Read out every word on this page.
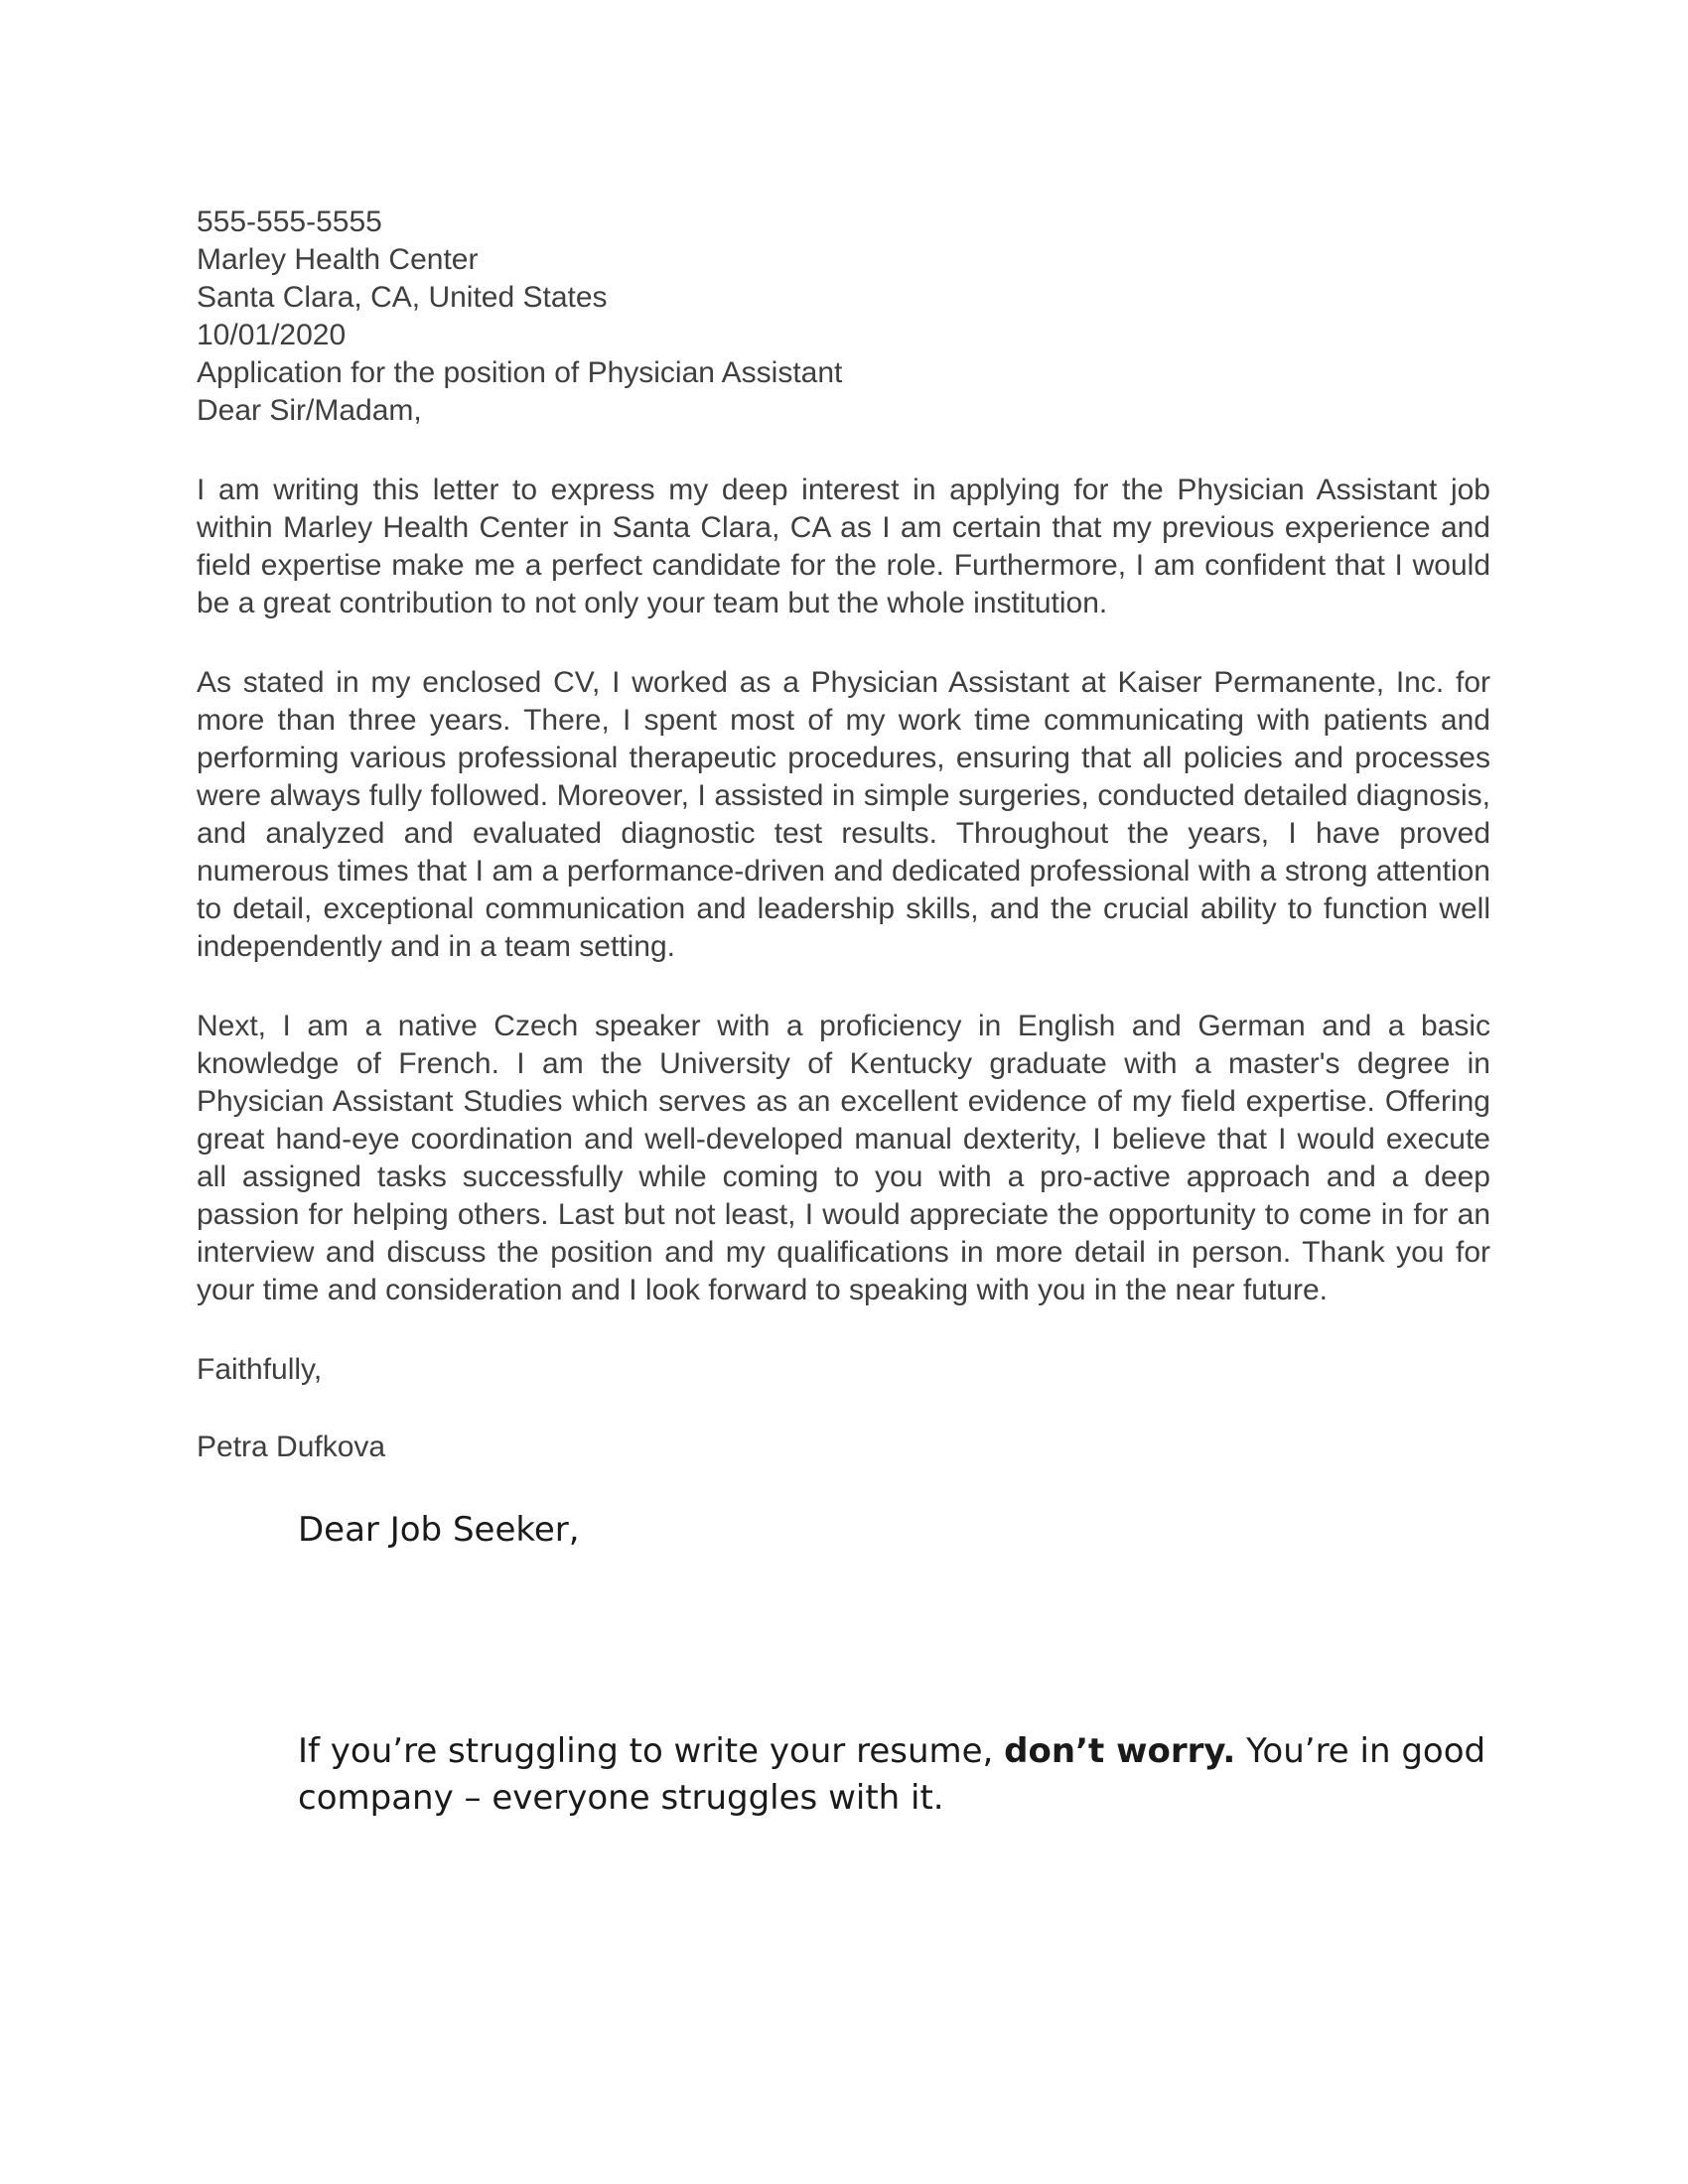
555-555-5555

Marley Health Center

Santa Clara, CA, United States

10/01/2020

Application for the position of Physician Assistant

Dear Sir/Madam,

I am writing this letter to express my deep interest in applying for the Physician Assistant job within Marley Health Center in Santa Clara, CA as I am certain that my previous experience and field expertise make me a perfect candidate for the role. Furthermore, I am confident that I would be a great contribution to not only your team but the whole institution.

As stated in my enclosed CV, I worked as a Physician Assistant at Kaiser Permanente, Inc. for more than three years. There, I spent most of my work time communicating with patients and performing various professional therapeutic procedures, ensuring that all policies and processes were always fully followed. Moreover, I assisted in simple surgeries, conducted detailed diagnosis, and analyzed and evaluated diagnostic test results. Throughout the years, I have proved numerous times that I am a performance-driven and dedicated professional with a strong attention to detail, exceptional communication and leadership skills, and the crucial ability to function well independently and in a team setting.

Next, I am a native Czech speaker with a proficiency in English and German and a basic knowledge of French. I am the University of Kentucky graduate with a master's degree in Physician Assistant Studies which serves as an excellent evidence of my field expertise. Offering great hand-eye coordination and well-developed manual dexterity, I believe that I would execute all assigned tasks successfully while coming to you with a pro-active approach and a deep passion for helping others. Last but not least, I would appreciate the opportunity to come in for an interview and discuss the position and my qualifications in more detail in person. Thank you for your time and consideration and I look forward to speaking with you in the near future.

Faithfully,

Petra Dufkova

Dear Job Seeker,

If you’re struggling to write your resume, don’t worry. You’re in good
company – everyone struggles with it.
